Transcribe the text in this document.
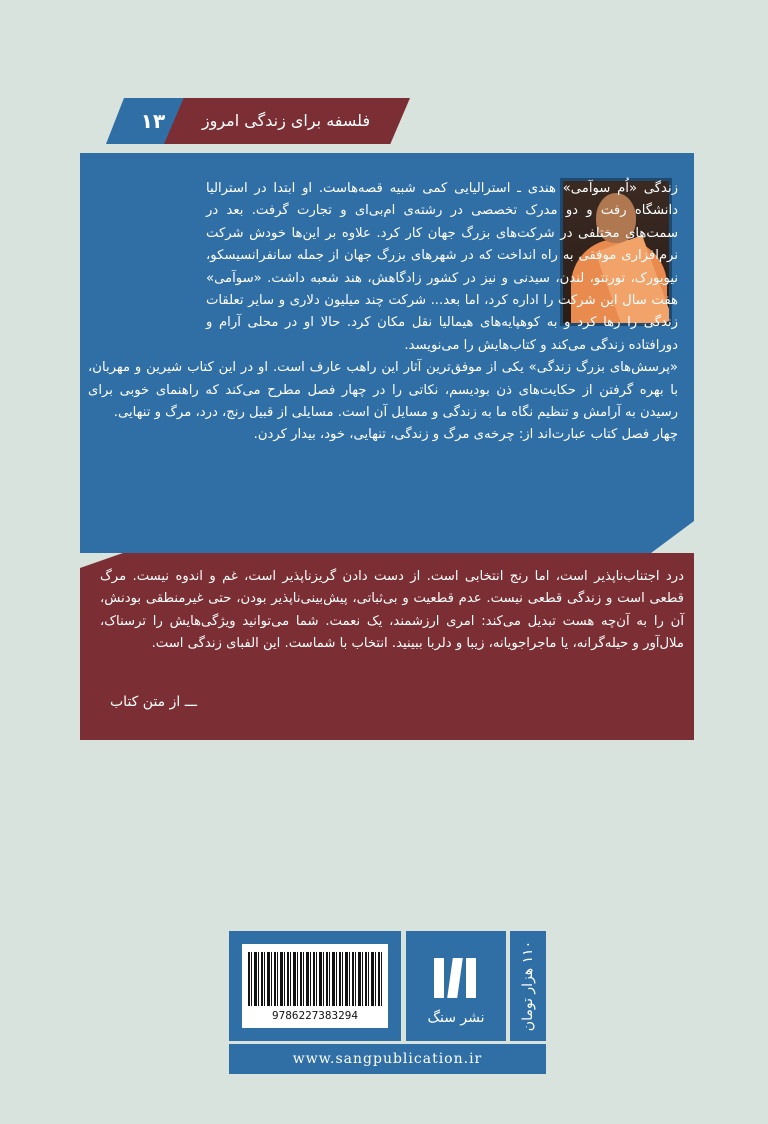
۱۳	فلسفه برای زندگی امروز

زندگی «اُم سوآمی» هندی ـ استرالیایی کمی شبیه قصه‌هاست. او ابتدا در استرالیا دانشگاه رفت و دو مدرک تخصصی در رشته‌ی ام‌بی‌ای و تجارت گرفت. بعد در سمت‌های مختلفی در شرکت‌های بزرگ جهان کار کرد. علاوه بر این‌ها خودش شرکت نرم‌افزاری موفقی به راه انداخت که در شهرهای بزرگ جهان از جمله سانفرانسیسکو، نیویورک، تورنتو، لندن، سیدنی و نیز در کشور زادگاهش، هند شعبه داشت. «سوآمی» هفت سال این شرکت را اداره کرد، اما بعد... شرکت چند میلیون دلاری و سایر تعلقات زندگی را رها کرد و به کوهپایه‌های هیمالیا نقل مکان کرد. حالا او در محلی آرام و دورافتاده زندگی می‌کند و کتاب‌هایش را می‌نویسد.

«پرسش‌های بزرگ زندگی» یکی از موفق‌ترین آثار این راهب عارف است. او در این کتاب شیرین و مهربان، با بهره گرفتن از حکایت‌های ذن بودیسم، نکاتی را در چهار فصل مطرح می‌کند که راهنمای خوبی برای رسیدن به آرامش و تنظیم نگاه ما به زندگی و مسایل آن است. مسایلی از قبیل رنج، درد، مرگ و تنهایی.

چهار فصل کتاب عبارت‌اند از: چرخه‌ی مرگ و زندگی، تنهایی، خود، بیدار کردن.

درد اجتناب‌ناپذیر است، اما رنج انتخابی است. از دست دادن گریزناپذیر است، غم و اندوه نیست. مرگ قطعی است و زندگی قطعی نیست. عدم قطعیت و بی‌ثباتی، پیش‌بینی‌ناپذیر بودن، حتی غیرمنطقی بودنش، آن را به آن‌چه هست تبدیل می‌کند: امری ارزشمند، یک نعمت. شما می‌توانید ویژگی‌هایش را ترسناک، ملال‌آور و حیله‌گرانه، یا ماجراجویانه، زیبا و دلربا ببینید. انتخاب با شماست. این الفبای زندگی است.

ـــ از متن کتاب
9786227383294	نشر سنگ	۱۱۰ هزار تومان
www.sangpublication.ir
